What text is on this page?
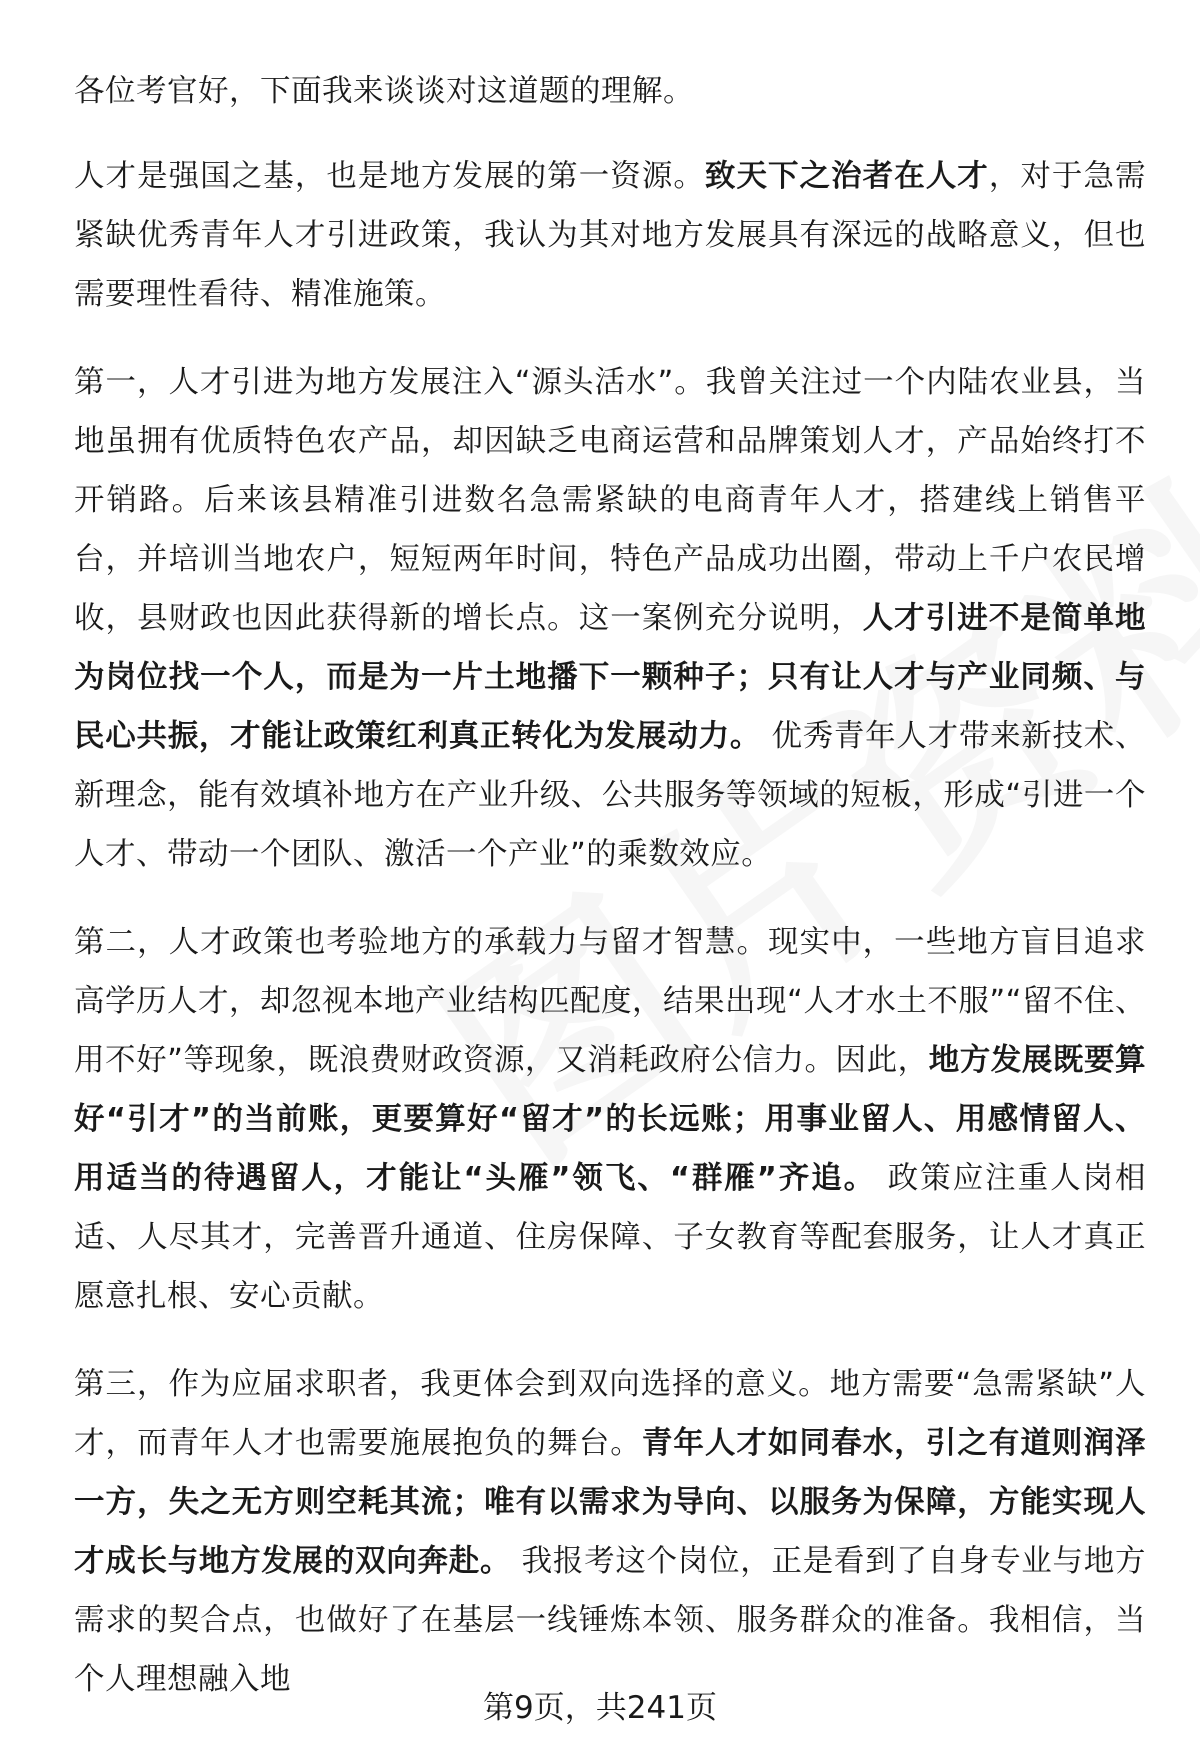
各位考官好，下面我来谈谈对这道题的理解。

人才是强国之基，也是地方发展的第一资源。致天下之治者在人才，对于急需紧缺优秀青年人才引进政策，我认为其对地方发展具有深远的战略意义，但也需要理性看待、精准施策。

第一，人才引进为地方发展注入“源头活水”。我曾关注过一个内陆农业县，当地虽拥有优质特色农产品，却因缺乏电商运营和品牌策划人才，产品始终打不开销路。后来该县精准引进数名急需紧缺的电商青年人才，搭建线上销售平台，并培训当地农户，短短两年时间，特色产品成功出圈，带动上千户农民增收，县财政也因此获得新的增长点。这一案例充分说明，人才引进不是简单地为岗位找一个人，而是为一片土地播下一颗种子；只有让人才与产业同频、与民心共振，才能让政策红利真正转化为发展动力。 优秀青年人才带来新技术、新理念，能有效填补地方在产业升级、公共服务等领域的短板，形成“引进一个人才、带动一个团队、激活一个产业”的乘数效应。

第二，人才政策也考验地方的承载力与留才智慧。现实中，一些地方盲目追求高学历人才，却忽视本地产业结构匹配度，结果出现“人才水土不服”“留不住、用不好”等现象，既浪费财政资源，又消耗政府公信力。因此，地方发展既要算好“引才”的当前账，更要算好“留才”的长远账；用事业留人、用感情留人、用适当的待遇留人，才能让“头雁”领飞、“群雁”齐追。 政策应注重人岗相适、人尽其才，完善晋升通道、住房保障、子女教育等配套服务，让人才真正愿意扎根、安心贡献。

第三，作为应届求职者，我更体会到双向选择的意义。地方需要“急需紧缺”人才，而青年人才也需要施展抱负的舞台。青年人才如同春水，引之有道则润泽一方，失之无方则空耗其流；唯有以需求为导向、以服务为保障，方能实现人才成长与地方发展的双向奔赴。 我报考这个岗位，正是看到了自身专业与地方需求的契合点，也做好了在基层一线锤炼本领、服务群众的准备。我相信，当个人理想融入地

第9页，共241页
